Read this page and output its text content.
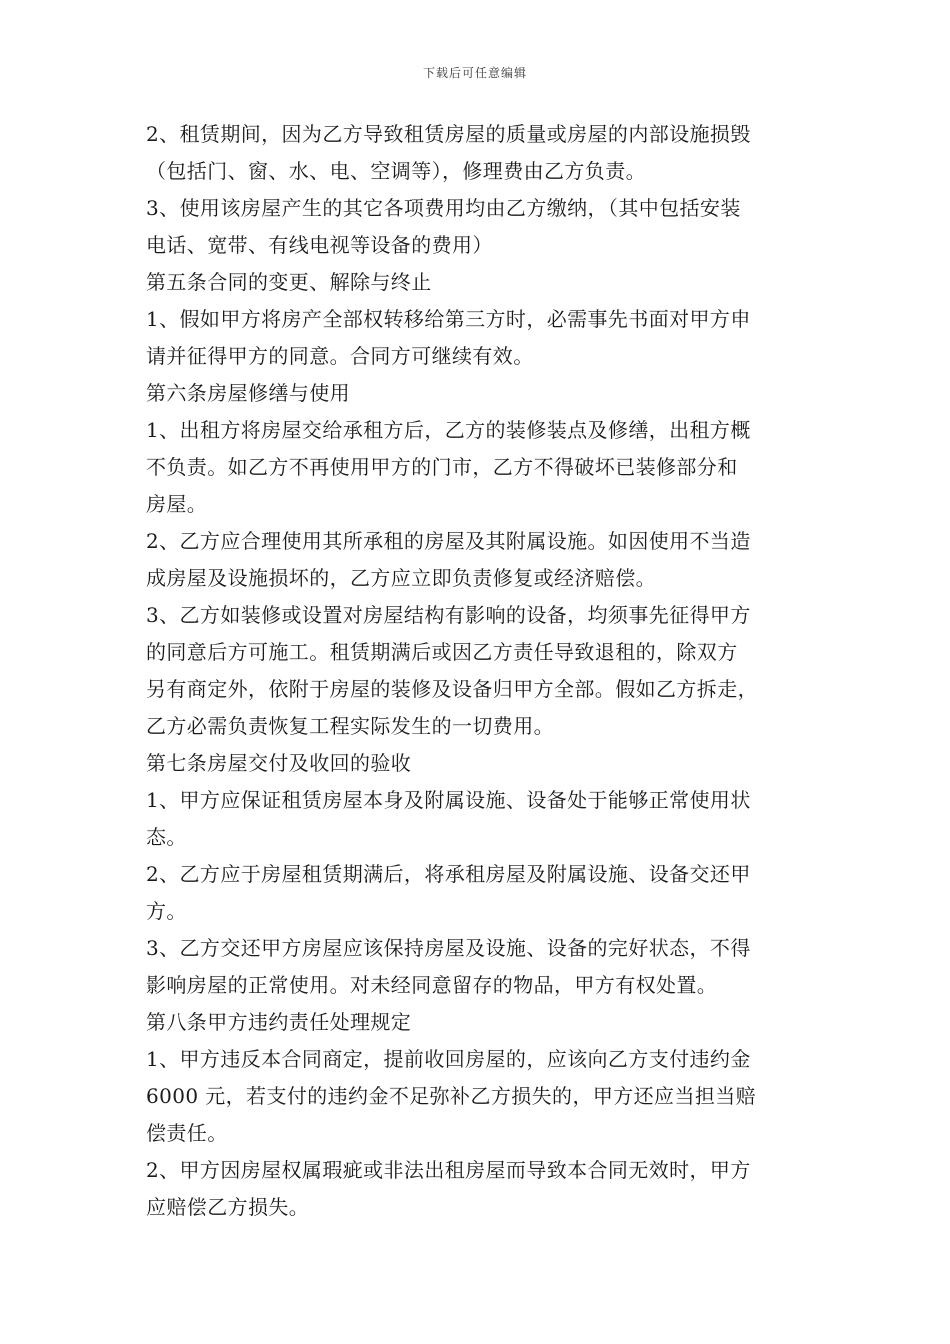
下载后可任意编辑
2、租赁期间，因为乙方导致租赁房屋的质量或房屋的内部设施损毁
（包括门、窗、水、电、空调等），修理费由乙方负责。
3、使用该房屋产生的其它各项费用均由乙方缴纳，（其中包括安装
电话、宽带、有线电视等设备的费用）
第五条合同的变更、解除与终止
1、假如甲方将房产全部权转移给第三方时，必需事先书面对甲方申
请并征得甲方的同意。合同方可继续有效。
第六条房屋修缮与使用
1、出租方将房屋交给承租方后，乙方的装修装点及修缮，出租方概
不负责。如乙方不再使用甲方的门市，乙方不得破坏已装修部分和
房屋。
2、乙方应合理使用其所承租的房屋及其附属设施。如因使用不当造
成房屋及设施损坏的，乙方应立即负责修复或经济赔偿。
3、乙方如装修或设置对房屋结构有影响的设备，均须事先征得甲方
的同意后方可施工。租赁期满后或因乙方责任导致退租的，除双方
另有商定外，依附于房屋的装修及设备归甲方全部。假如乙方拆走，
乙方必需负责恢复工程实际发生的一切费用。
第七条房屋交付及收回的验收
1、甲方应保证租赁房屋本身及附属设施、设备处于能够正常使用状
态。
2、乙方应于房屋租赁期满后，将承租房屋及附属设施、设备交还甲
方。
3、乙方交还甲方房屋应该保持房屋及设施、设备的完好状态，不得
影响房屋的正常使用。对未经同意留存的物品，甲方有权处置。
第八条甲方违约责任处理规定
1、甲方违反本合同商定，提前收回房屋的，应该向乙方支付违约金
6000 元，若支付的违约金不足弥补乙方损失的，甲方还应当担当赔
偿责任。
2、甲方因房屋权属瑕疵或非法出租房屋而导致本合同无效时，甲方
应赔偿乙方损失。
